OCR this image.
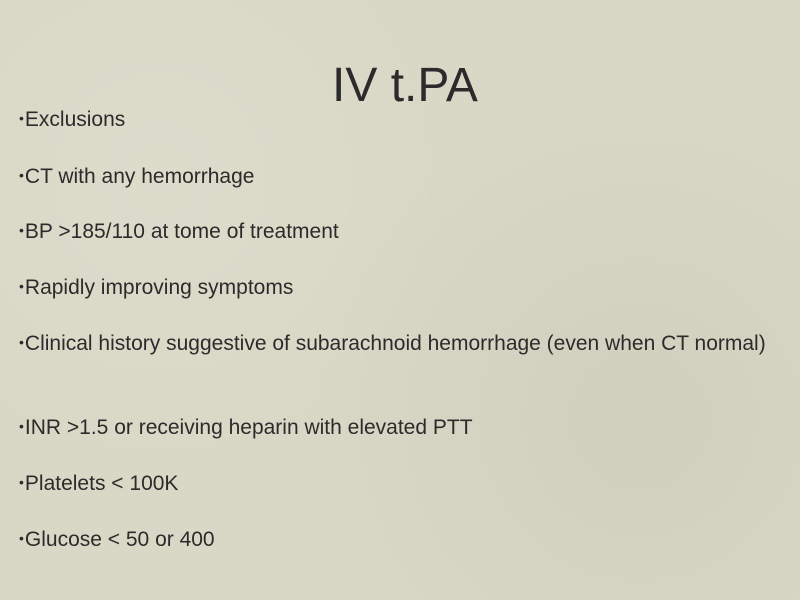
IV t.PA
•Exclusions
•CT with any hemorrhage
•BP >185/110 at tome of treatment
•Rapidly improving symptoms
•Clinical history suggestive of subarachnoid hemorrhage (even when CT normal)
•INR >1.5 or receiving heparin with elevated PTT
•Platelets < 100K
•Glucose < 50 or 400
